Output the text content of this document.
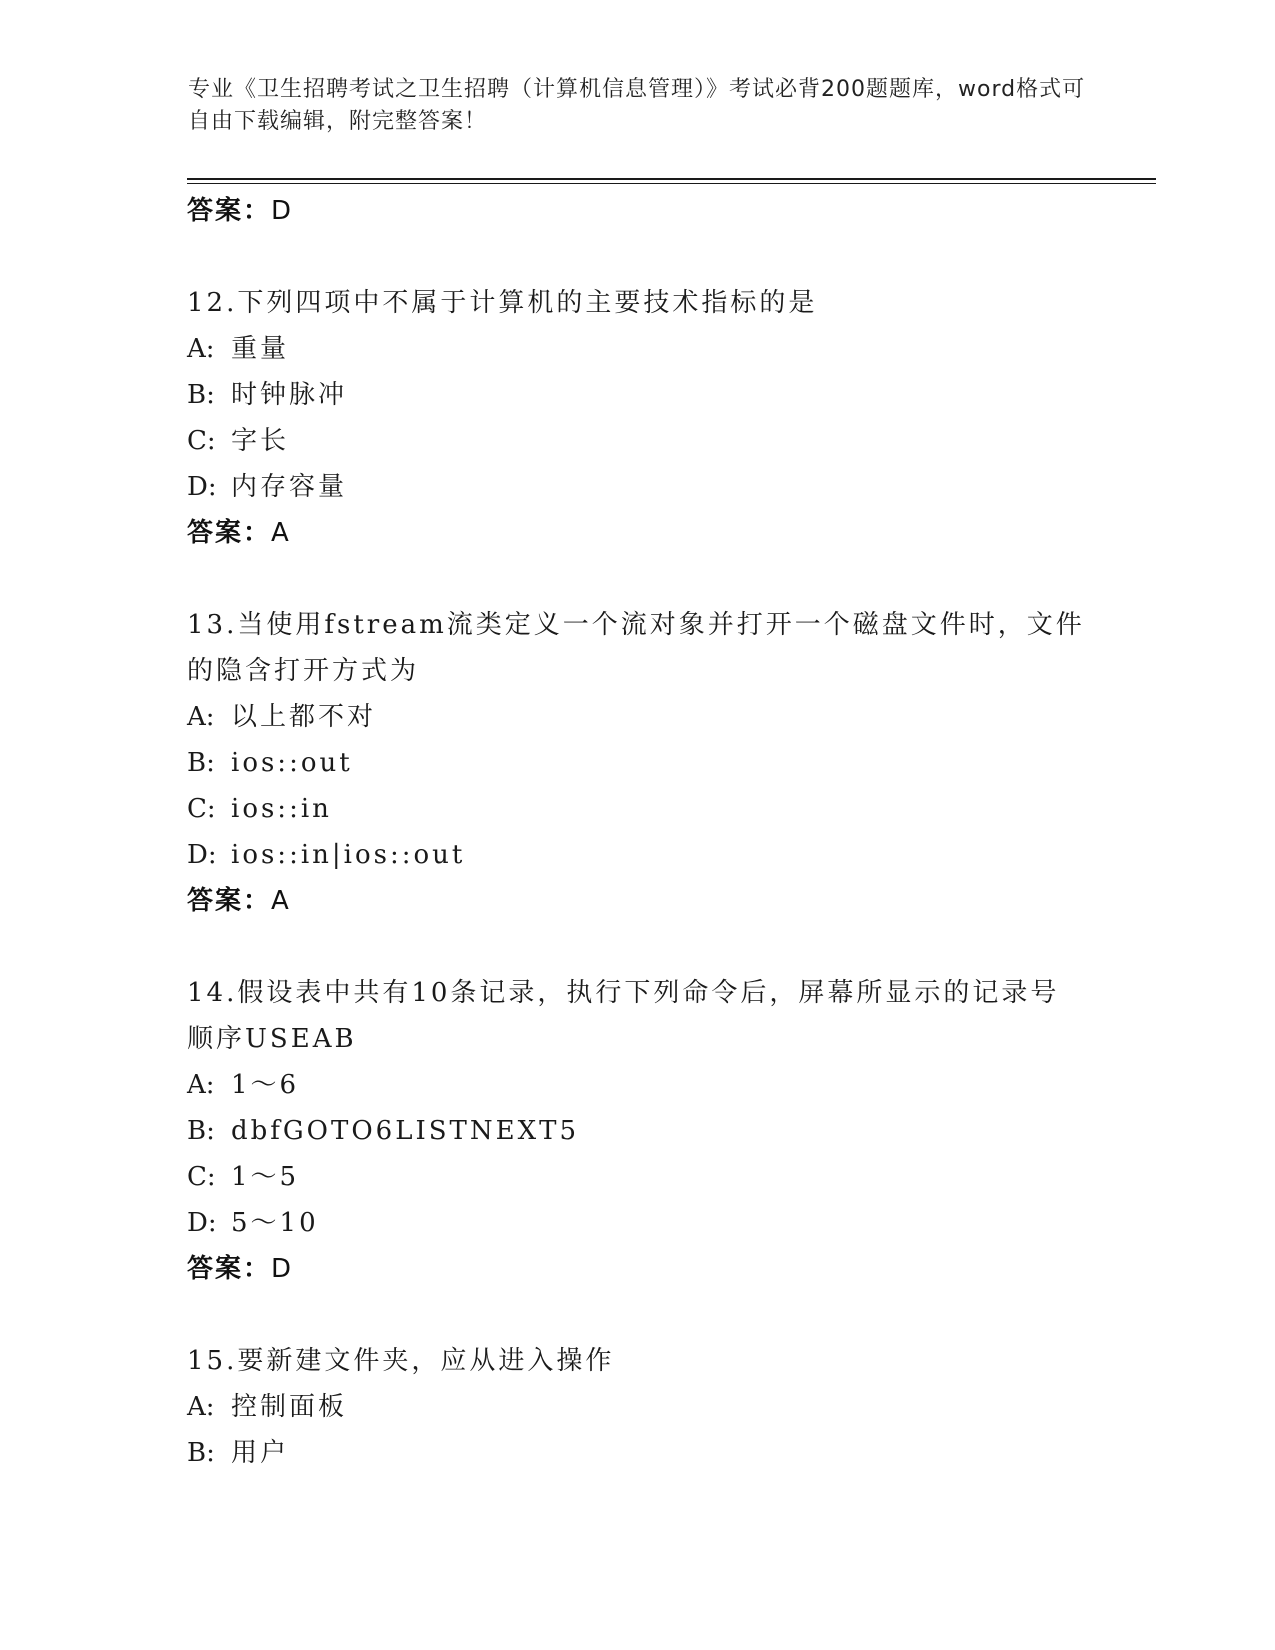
专业《卫生招聘考试之卫生招聘（计算机信息管理）》考试必背200题题库，word格式可自由下载编辑，附完整答案！
答案：D
12.下列四项中不属于计算机的主要技术指标的是
A: 重量
B: 时钟脉冲
C: 字长
D: 内存容量
答案：A
13.当使用fstream流类定义一个流对象并打开一个磁盘文件时，文件的隐含打开方式为
A: 以上都不对
B: ios::out
C: ios::in
D: ios::in|ios::out
答案：A
14.假设表中共有10条记录，执行下列命令后，屏幕所显示的记录号顺序USEAB
A: 1～6
B: dbfGOTO6LISTNEXT5
C: 1～5
D: 5～10
答案：D
15.要新建文件夹，应从进入操作
A: 控制面板
B: 用户
